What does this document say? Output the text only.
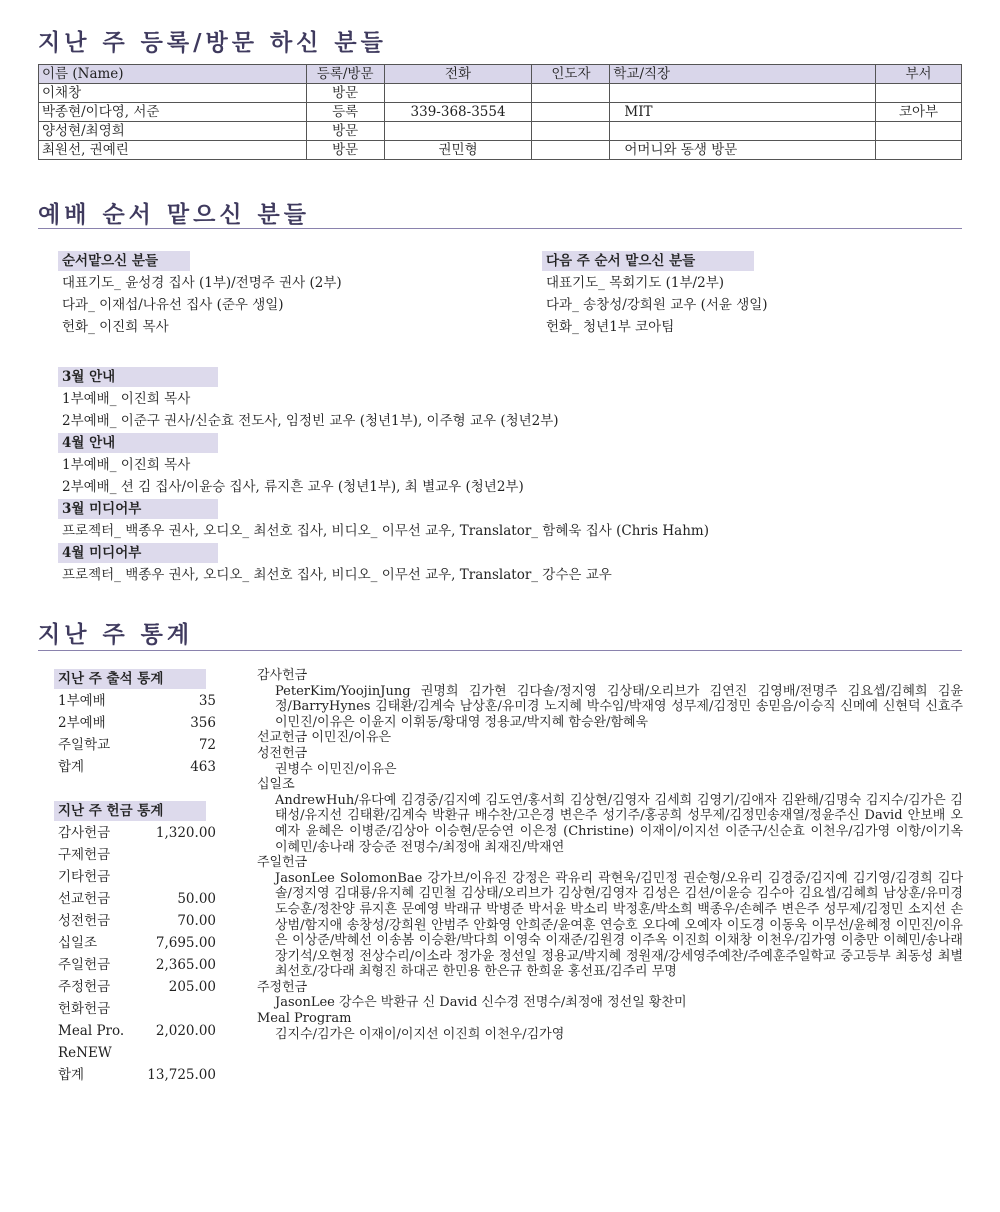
지난 주 등록/방문 하신 분들
이름 (Name)	등록/방문	전화	인도자	학교/직장	부서
이채창	방문				
박종현/이다영, 서준	등록	339-368-3554		MIT	코아부
양성현/최영희	방문				
최원선, 권예린	방문	권민형		어머니와 동생 방문	
예배 순서 맡으신 분들
순서맡으신 분들
대표기도_ 윤성경 집사 (1부)/전명주 권사 (2부)
다과_ 이재섭/나유선 집사 (준우 생일)
헌화_ 이진희 목사
다음 주 순서 맡으신 분들
대표기도_ 목회기도 (1부/2부)
다과_ 송창성/강희원 교우 (서윤 생일)
헌화_ 청년1부 코아팀
3월 안내
1부예배_ 이진희 목사
2부예배_ 이준구 권사/신순효 전도사, 임정빈 교우 (청년1부), 이주형 교우 (청년2부)
4월 안내
1부예배_ 이진희 목사
2부예배_ 션 김 집사/이윤승 집사, 류지흔 교우 (청년1부), 최 별교우 (청년2부)
3월 미디어부
프로젝터_ 백종우 권사, 오디오_ 최선호 집사, 비디오_ 이무선 교우, Translator_ 함혜욱 집사 (Chris Hahm)
4월 미디어부
프로젝터_ 백종우 권사, 오디오_ 최선호 집사, 비디오_ 이무선 교우, Translator_ 강수은 교우
지난 주 통계
지난 주 출석 통계
1부예배	35
2부예배	356
주일학교	72
합계	463
지난 주 헌금 통계
감사헌금	1,320.00
구제헌금
기타헌금
선교헌금	50.00
성전헌금	70.00
십일조	7,695.00
주일헌금	2,365.00
주정헌금	205.00
헌화헌금
Meal Pro. 2,020.00
ReNEW
합계	13,725.00
감사헌금
PeterKim/YoojinJung 권명희 김가현 김다솔/정지영 김상태/오리브가 김연진 김영배/전명주 김요셉/김혜희 김윤정/BarryHynes 김태환/김계숙 남상훈/유미경 노지혜 박수임/박재영 성무제/김정민 송믿음/이승직 신메예 신현덕 신효주 이민진/이유은 이윤지 이휘동/황대영 정용교/박지혜 함승완/함혜욱
선교헌금 이민진/이유은
성전헌금
권병수 이민진/이유은
십일조
AndrewHuh/유다예 김경중/김지예 김도연/홍서희 김상현/김영자 김세희 김영기/김애자 김완해/김명숙 김지수/김가은 김태성/유지선 김태환/김계숙 박환규 배수찬/고은경 변은주 성기주/홍공희 성무제/김정민송재열/정윤주신 David 안보배 오예자 윤혜은 이병준/김상아 이승현/문승연 이은정 (Christine) 이재이/이지선 이준구/신순효 이천우/김가영 이항/이기옥 이혜민/송나래 장승준 전명수/최정애 최재진/박재연
주일헌금
JasonLee SolomonBae 강가브/이유진 강정은 곽유리 곽현욱/김민정 권순형/오유리 김경중/김지예 김기영/김경희 김다솔/정지영 김대룡/유지혜 김민철 김상태/오리브가 김상현/김영자 김성은 김션/이윤승 김수아 김요셉/김혜희 남상훈/유미경 도승훈/정찬양 류지흔 문예영 박래규 박병준 박서윤 박소리 박정훈/박소희 백종우/손혜주 변은주 성무제/김정민 소지선 손상범/함지애 송창성/강희원 안범주 안화영 안희준/윤여훈 연승호 오다예 오예자 이도경 이동욱 이무선/윤혜정 이민진/이유은 이상준/박혜선 이송봄 이승환/박다희 이영숙 이재준/김원경 이주옥 이진희 이채창 이천우/김가영 이충만 이혜민/송나래 장기석/오현정 전상수리/이소라 정가윤 정선일 정용교/박지혜 정원재/강세영주예찬/주예훈주일학교 중고등부 최동성 최별 최선호/강다래 최형진 하대곤 한민용 한은규 한희윤 홍선표/김주리 무명
주정헌금
JasonLee 강수은 박환규 신 David 신수경 전명수/최정애 정선일 황찬미
Meal Program
김지수/김가은 이재이/이지선 이진희 이천우/김가영
